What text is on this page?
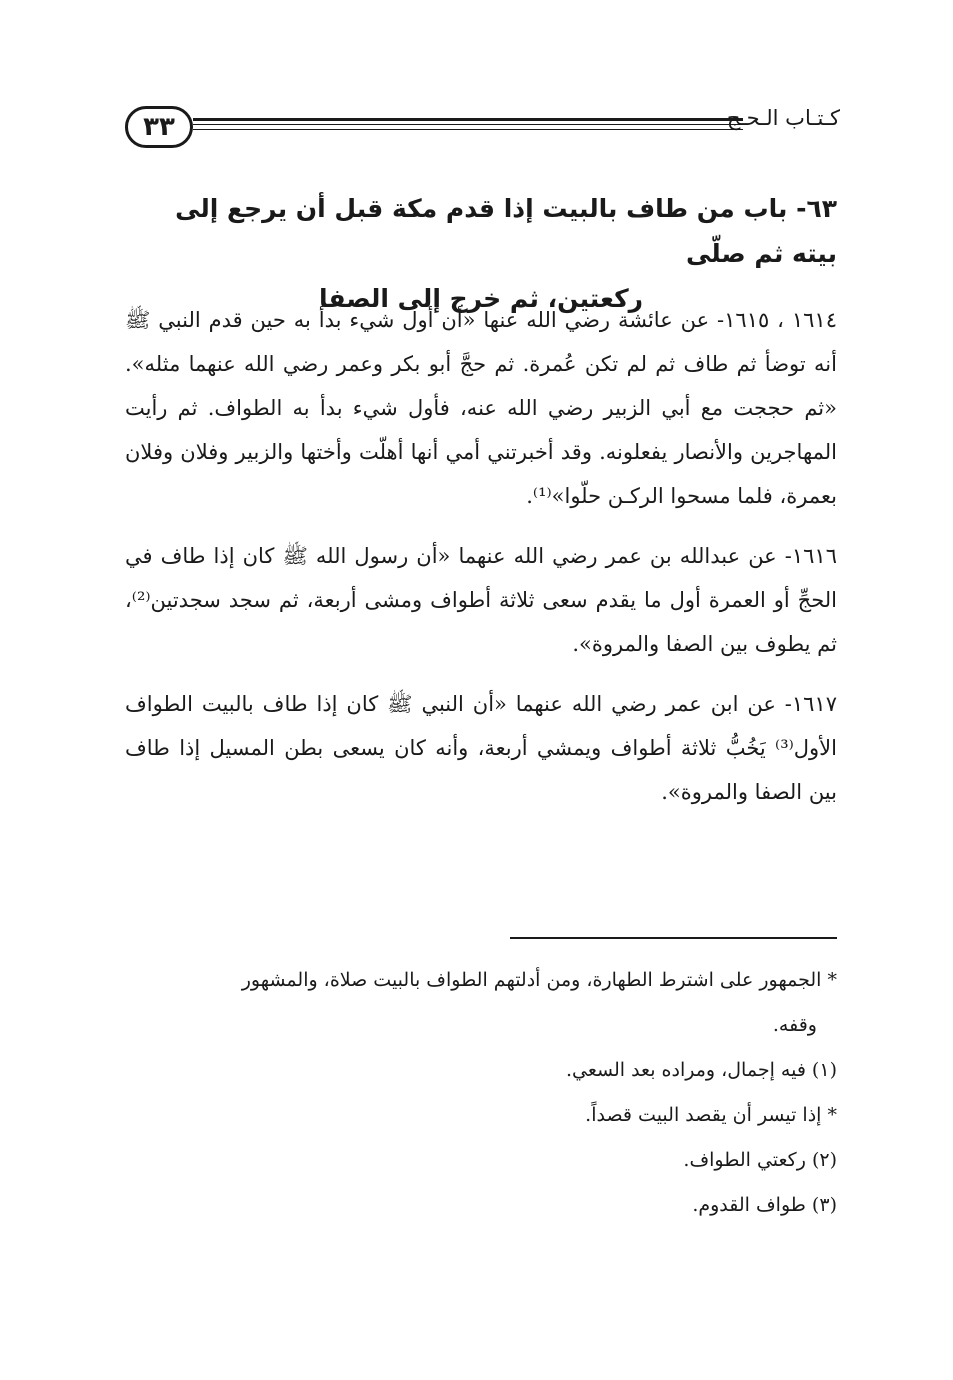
٣٣	كـتـاب الـحـج
٦٣- باب من طاف بالبيت إذا قدم مكة قبل أن يرجع إلى بيته ثم صلّى
ركعتين، ثم خرج إلى الصفا

١٦١٤ ، ١٦١٥- عن عائشة رضي الله عنها «أن أول شيء بدأ به حين قدم النبي ﷺ أنه توضأ ثم طاف ثم لم تكن عُمرة. ثم حجَّ أبو بكر وعمر رضي الله عنهما مثله». «ثم حججت مع أبي الزبير رضي الله عنه، فأول شيء بدأ به الطواف. ثم رأيت المهاجرين والأنصار يفعلونه. وقد أخبرتني أمي أنها أهلّت وأختها والزبير وفلان وفلان بعمرة، فلما مسحوا الركـن حلّوا»⁽¹⁾.

١٦١٦- عن عبدالله بن عمر رضي الله عنهما «أن رسول الله ﷺ كان إذا طاف في الحجِّ أو العمرة أول ما يقدم سعى ثلاثة أطواف ومشى أربعة، ثم سجد سجدتين⁽²⁾، ثم يطوف بين الصفا والمروة».

١٦١٧- عن ابن عمر رضي الله عنهما «أن النبي ﷺ كان إذا طاف بالبيت الطواف الأول⁽³⁾ يَخُبُّ ثلاثة أطواف ويمشي أربعة، وأنه كان يسعى بطن المسيل إذا طاف بين الصفا والمروة».

* الجمهور على اشترط الطهارة، ومن أدلتهم الطواف بالبيت صلاة، والمشهور

وقفه.

(١) فيه إجمال، ومراده بعد السعي.

* إذا تيسر أن يقصد البيت قصداً.

(٢) ركعتي الطواف.

(٣) طواف القدوم.
